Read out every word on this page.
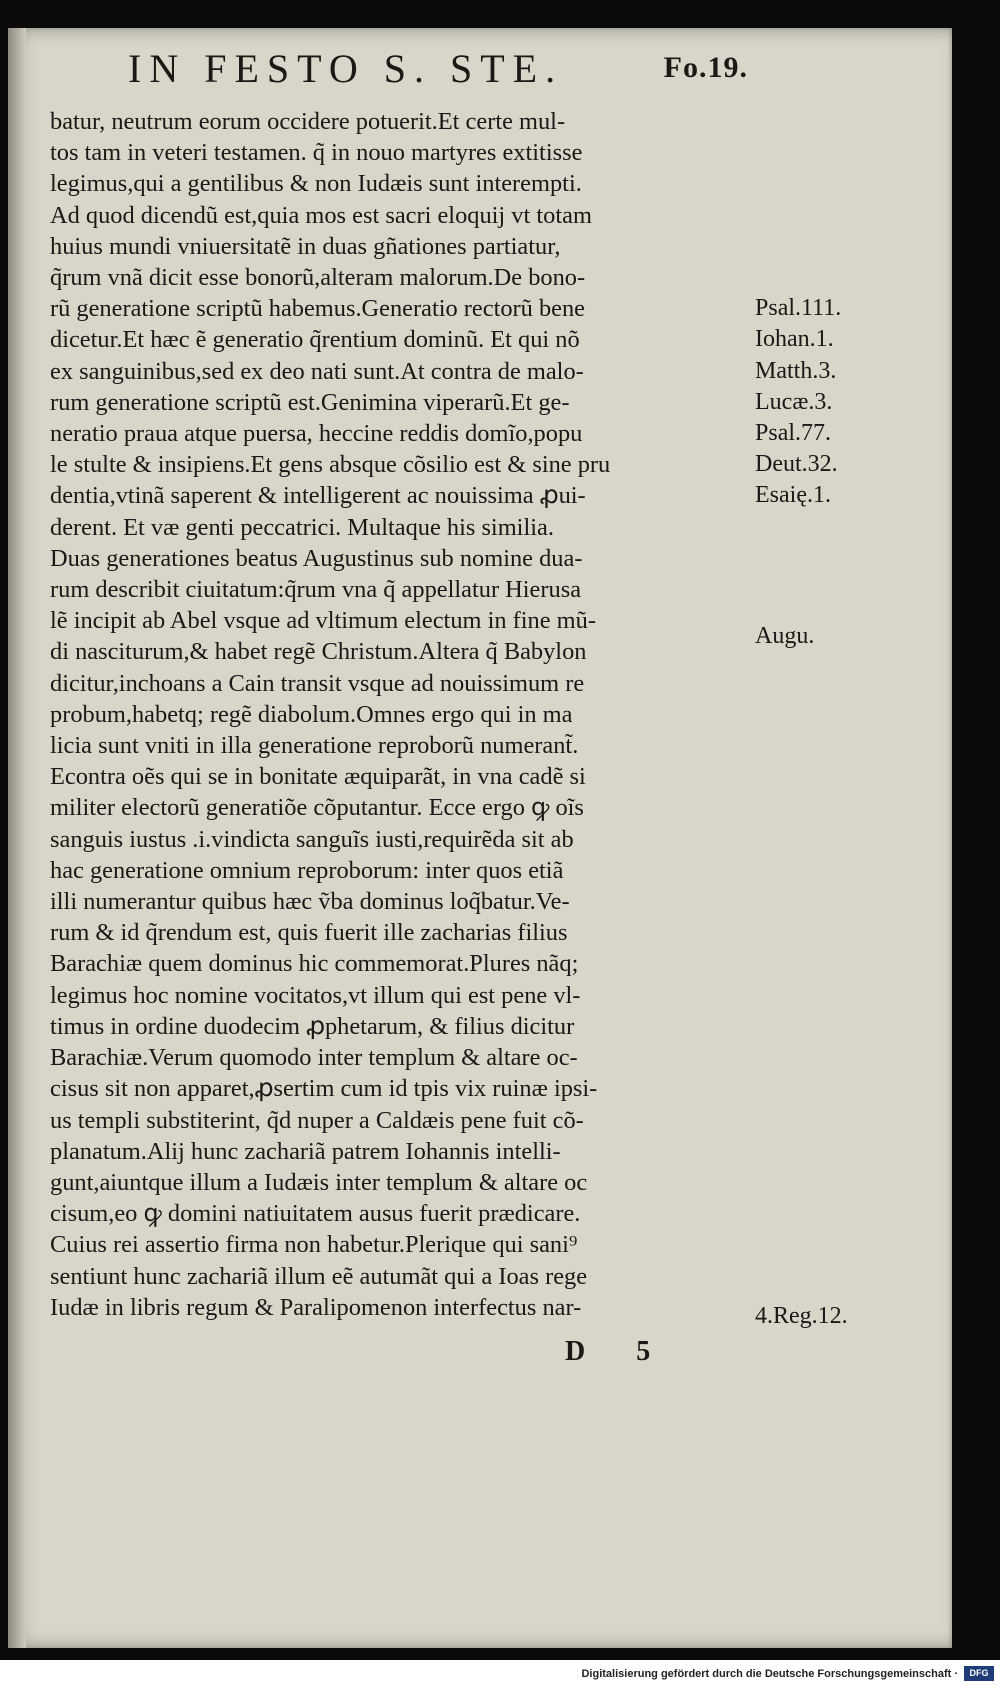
IN FESTO S. STE.	Fo.19.
batur, neutrum eorum occidere potuerit.Et certe mul-
tos tam in veteri testamen. q̃ in nouo martyres extitisse
legimus,qui a gentilibus & non Iudæis sunt interempti.
Ad quod dicendũ est,quia mos est sacri eloquij vt totam
huius mundi vniuersitatẽ in duas gñationes partiatur,
q̃rum vnã dicit esse bonorũ,alteram malorum.De bono-
rũ generatione scriptũ habemus.Generatio rectorũ bene
dicetur.Et hæc ẽ generatio q̃rentium dominũ. Et qui nõ
ex sanguinibus,sed ex deo nati sunt.At contra de malo-
rum generatione scriptũ est.Genimina viperarũ.Et ge-
neratio praua atque puersa, heccine reddis domĩo,popu
le stulte & insipiens.Et gens absque cõsilio est & sine pru
dentia,vtinã saperent & intelligerent ac nouissima ꝓui-
derent. Et væ genti peccatrici. Multaque his similia.
Duas generationes beatus Augustinus sub nomine dua-
rum describit ciuitatum:q̃rum vna q̃ appellatur Hierusa
lẽ incipit ab Abel vsque ad vltimum electum in fine mũ-
di nasciturum,& habet regẽ Christum.Altera q̃ Babylon
dicitur,inchoans a Cain transit vsque ad nouissimum re
probum,habetq; regẽ diabolum.Omnes ergo qui in ma
licia sunt vniti in illa generatione reproborũ numerant̃.
Econtra oẽs qui se in bonitate æquiparãt, in vna cadẽ si
militer electorũ generatiõe cõputantur. Ecce ergo ꝙ oĩs
sanguis iustus .i.vindicta sanguĩs iusti,requirẽda sit ab
hac generatione omnium reproborum: inter quos etiã
illi numerantur quibus hæc ṽba dominus loq̃batur.Ve-
rum & id q̃rendum est, quis fuerit ille zacharias filius
Barachiæ quem dominus hic commemorat.Plures nãq;
legimus hoc nomine vocitatos,vt illum qui est pene vl-
timus in ordine duodecim ꝓphetarum, & filius dicitur
Barachiæ.Verum quomodo inter templum & altare oc-
cisus sit non apparet,ꝓsertim cum id tpis vix ruinæ ipsi-
us templi substiterint, q̃d nuper a Caldæis pene fuit cõ-
planatum.Alij hunc zachariã patrem Iohannis intelli-
gunt,aiuntque illum a Iudæis inter templum & altare oc
cisum,eo ꝙ domini natiuitatem ausus fuerit prædicare.
Cuius rei assertio firma non habetur.Plerique qui sani⁹
sentiunt hunc zachariã illum eẽ autumãt qui a Ioas rege
Iudæ in libris regum & Paralipomenon interfectus nar-
Psal.111.
Iohan.1.
Matth.3.
Lucæ.3.
Psal.77.
Deut.32.
Esaię.1.
Augu.
4.Reg.12.
D 5
Digitalisierung gefördert durch die Deutsche Forschungsgemeinschaft ·	DFG
